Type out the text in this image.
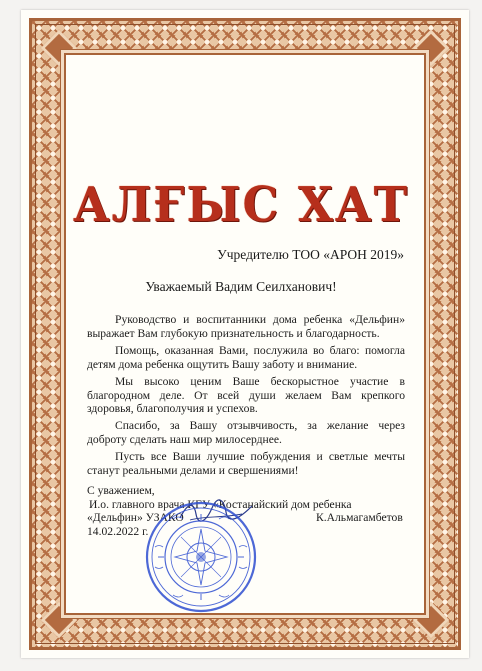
АЛҒЫС ХАТ
Учредителю ТОО «АРОН 2019»
Уважаемый Вадим Сеилханович!

Руководство и воспитанники дома ребенка «Дельфин» выражает Вам глубокую признательность и благодарность.

Помощь, оказанная Вами, послужила во благо: помогла детям дома ребенка ощутить Вашу заботу и внимание.

Мы высоко ценим Ваше бескорыстное участие в благородном деле. От всей души желаем Вам крепкого здоровья, благополучия и успехов.

Спасибо, за Вашу отзывчивость, за желание через доброту сделать наш мир милосерднее.

Пусть все Ваши лучшие побуждения и светлые мечты станут реальными делами и свершениями!

С уважением,
И.о. главного врача КГУ «Костанайский дом ребенка
«Дельфин» УЗАКО
14.02.2022 г.
К.Альмагамбетов
